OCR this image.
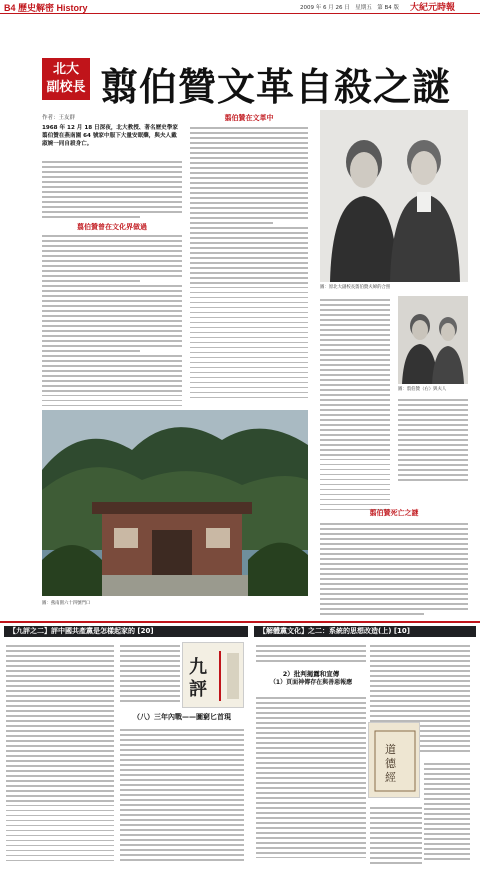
B4 歷史解密 History	2009 年 6 月 26 日　星期五　第 B4 版 大紀元時報
北大
副校長 翦伯贊文革自殺之謎
作者：王友群
1968 年 12 月 18 日深夜，北大教授、著名歷史學家翦伯贊在燕南園 64 號家中服下大量安眠藥，與夫人戴淑婉一同自殺身亡。
翦伯贊曾在文化界做過
翦伯贊在文革中
圖：原北大副校長翦伯贊夫婦的合照
圖：翦伯贊（右）與夫人
翦伯贊死亡之謎
圖：燕南園六十四號門口
【九評之二】評中國共產黨是怎樣起家的 [20]	【解體黨文化】之二：系統的思想改造(上) [10]
九
評
（八）三年內戰——圖窮匕首現
2）批判揭露和宣傳
（1）頁面神傳存在與善惡報應
道
德
經
